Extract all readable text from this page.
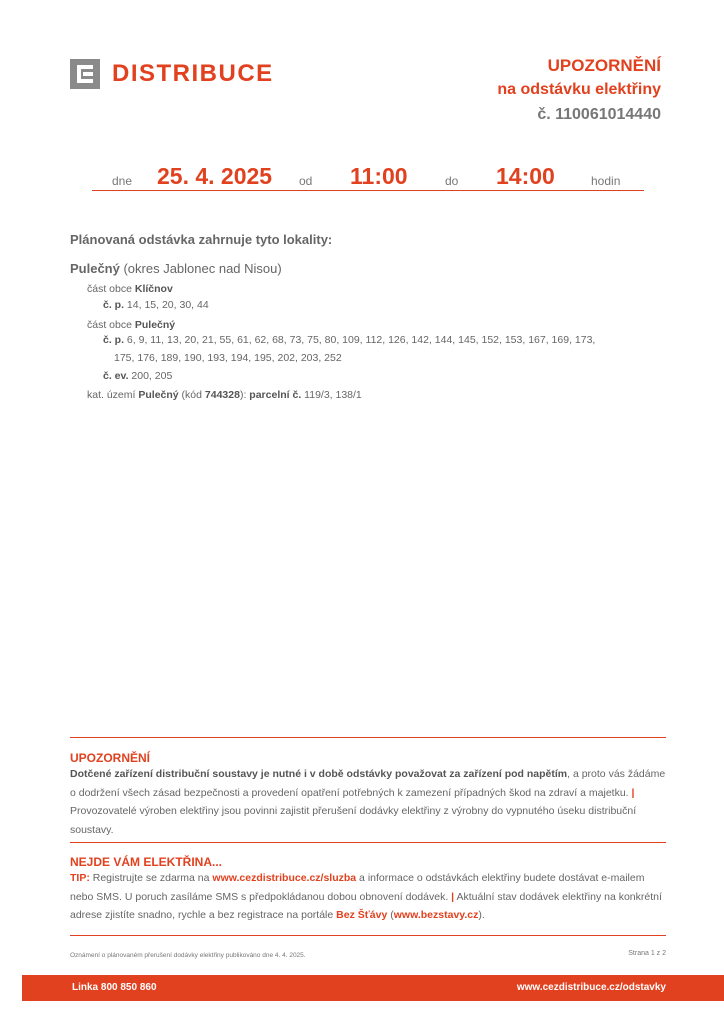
DISTRIBUCE	UPOZORNĚNÍ
na odstávku elektřiny
č. 110061014440
dne 25. 4. 2025 od 11:00	do 14:00	hodin
Plánovaná odstávka zahrnuje tyto lokality:
Pulečný (okres Jablonec nad Nisou)
část obce Klíčnov
č. p. 14, 15, 20, 30, 44
část obce Pulečný
č. p. 6, 9, 11, 13, 20, 21, 55, 61, 62, 68, 73, 75, 80, 109, 112, 126, 142, 144, 145, 152, 153, 167, 169, 173,
175, 176, 189, 190, 193, 194, 195, 202, 203, 252
č. ev. 200, 205
kat. území Pulečný (kód 744328): parcelní č. 119/3, 138/1
UPOZORNĚNÍ
Dotčené zařízení distribuční soustavy je nutné i v době odstávky považovat za zařízení pod napětím, a proto vás žádáme o dodržení všech zásad bezpečnosti a provedení opatření potřebných k zamezení případných škod na zdraví a majetku. | Provozovatelé výroben elektřiny jsou povinni zajistit přerušení dodávky elektřiny z výrobny do vypnutého úseku distribuční soustavy.
NEJDE VÁM ELEKTŘINA...
TIP: Registrujte se zdarma na www.cezdistribuce.cz/sluzba a informace o odstávkách elektřiny budete dostávat e-mailem nebo SMS. U poruch zasíláme SMS s předpokládanou dobou obnovení dodávek. | Aktuální stav dodávek elektřiny na konkrétní adrese zjistíte snadno, rychle a bez registrace na portále Bez Šťávy (www.bezstavy.cz).
Oznámení o plánovaném přerušení dodávky elektřiny publikováno dne 4. 4. 2025.	Strana 1 z 2
Linka 800 850 860	www.cezdistribuce.cz/odstavky
